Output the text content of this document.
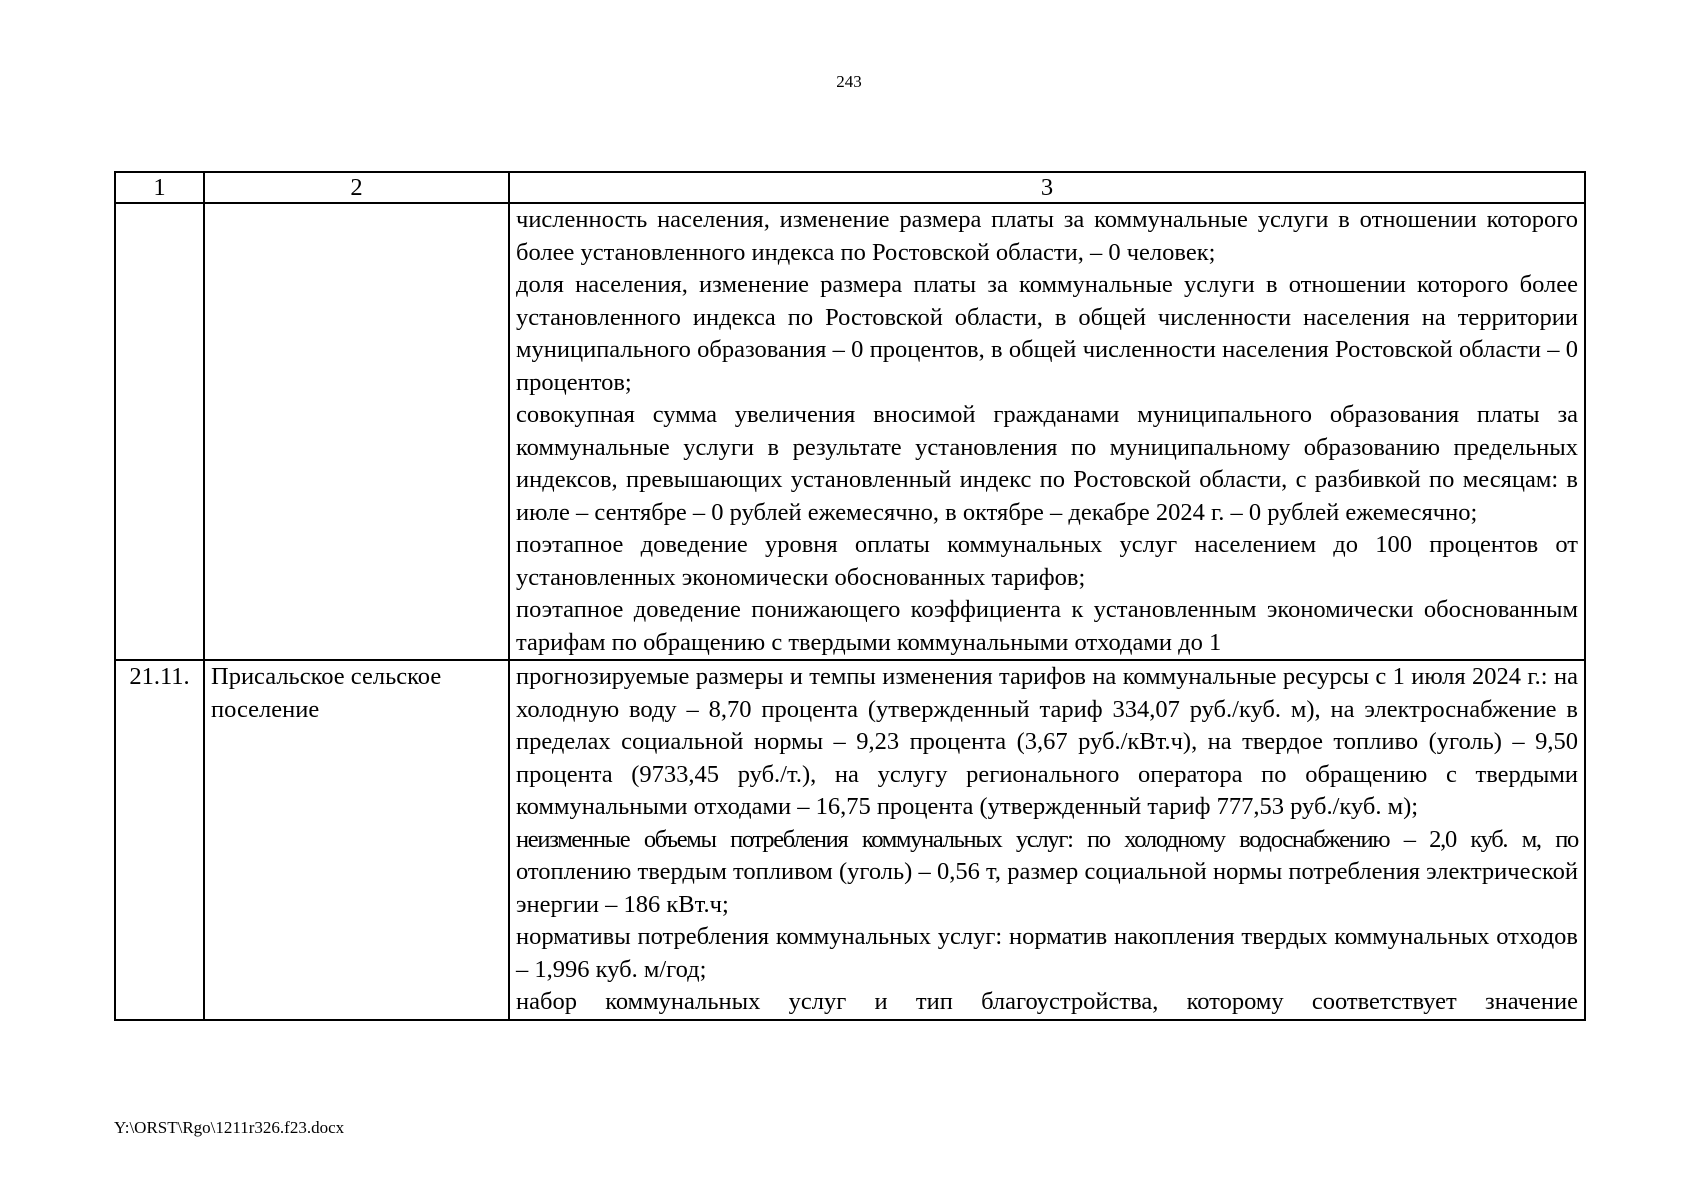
243
1	2	3

		численность населения, изменение размера платы за коммунальные услуги в отношении которого более установленного индекса по Ростовской области, – 0 человек;
доля населения, изменение размера платы за коммунальные услуги в отношении которого более установленного индекса по Ростовской области, в общей численности населения на территории муниципального образования – 0 процентов, в общей численности населения Ростовской области – 0 процентов;
совокупная сумма увеличения вносимой гражданами муниципального образования платы за коммунальные услуги в результате установления по муниципальному образованию предельных индексов, превышающих установленный индекс по Ростовской области, с разбивкой по месяцам: в июле – сентябре – 0 рублей ежемесячно, в октябре – декабре 2024 г. – 0 рублей ежемесячно;
поэтапное доведение уровня оплаты коммунальных услуг населением до 100 процентов от установленных экономически обоснованных тарифов;
поэтапное доведение понижающего коэффициента к установленным экономически обоснованным тарифам по обращению с твердыми коммунальными отходами до 1

21.11.	Присальское сельское поселение	прогнозируемые размеры и темпы изменения тарифов на коммунальные ресурсы с 1 июля 2024 г.: на холодную воду – 8,70 процента (утвержденный тариф 334,07 руб./куб. м), на электроснабжение в пределах социальной нормы – 9,23 процента (3,67 руб./кВт.ч), на твердое топливо (уголь) – 9,50 процента (9733,45 руб./т.), на услугу регионального оператора по обращению с твердыми коммунальными отходами – 16,75 процента (утвержденный тариф 777,53 руб./куб. м);
неизменные объемы потребления коммунальных услуг: по холодному водоснабжению – 2,0 куб. м, по
отоплению твердым топливом (уголь) – 0,56 т, размер социальной нормы потребления электрической энергии – 186 кВт.ч;
нормативы потребления коммунальных услуг: норматив накопления твердых коммунальных отходов – 1,996 куб. м/год;
набор коммунальных услуг и тип благоустройства, которому соответствует значение
Y:\ORST\Rgo\1211r326.f23.docx
